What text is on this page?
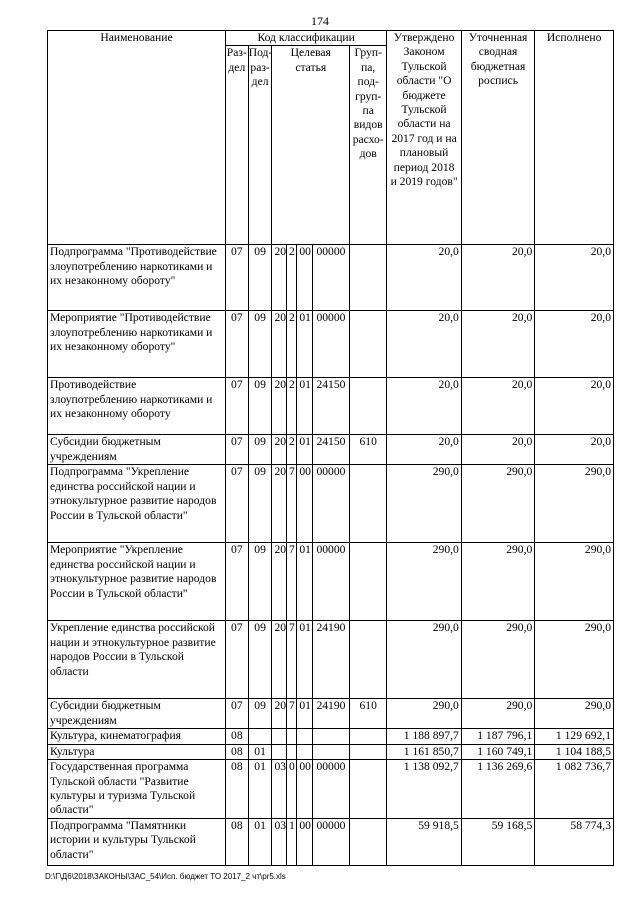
174
Наименование	Код классификации							Утверждено Законом Тульской области "О бюджете Тульской области на 2017 год и на плановый период 2018 и 2019 годов"	Уточненная сводная бюджетная роспись	Исполнено
	Раз-дел	Под-раз-дел	Целевая статья				Груп-па, под-груп-па видов расхо-дов			
Подпрограмма "Противодействие злоупотреблению наркотиками и их незаконному обороту"	07	09	20	2	00	00000		20,0	20,0	20,0
Мероприятие "Противодействие злоупотреблению наркотиками и их незаконному обороту"	07	09	20	2	01	00000		20,0	20,0	20,0
Противодействие злоупотреблению наркотиками и их незаконному обороту	07	09	20	2	01	24150		20,0	20,0	20,0
Субсидии бюджетным учреждениям	07	09	20	2	01	24150	610	20,0	20,0	20,0
Подпрограмма "Укрепление единства российской нации и этнокультурное развитие народов России в Тульской области"	07	09	20	7	00	00000		290,0	290,0	290,0
Мероприятие "Укрепление единства российской нации и этнокультурное развитие народов России в Тульской области"	07	09	20	7	01	00000		290,0	290,0	290,0
Укрепление единства российской нации и этнокультурное развитие народов России в Тульской области	07	09	20	7	01	24190		290,0	290,0	290,0
Субсидии бюджетным учреждениям	07	09	20	7	01	24190	610	290,0	290,0	290,0
Культура, кинематография	08							1 188 897,7	1 187 796,1	1 129 692,1
Культура	08	01						1 161 850,7	1 160 749,1	1 104 188,5
Государственная программа Тульской области "Развитие культуры и туризма Тульской области"	08	01	03	0	00	00000		1 138 092,7	1 136 269,6	1 082 736,7
Подпрограмма "Памятники истории и культуры Тульской области"	08	01	03	1	00	00000		59 918,5	59 168,5	58 774,3
D:\Г\Д6\2018\ЗАКОНЫ\ЗАС_54\Исп. бюджет ТО 2017_2 чт\pr5.xls
